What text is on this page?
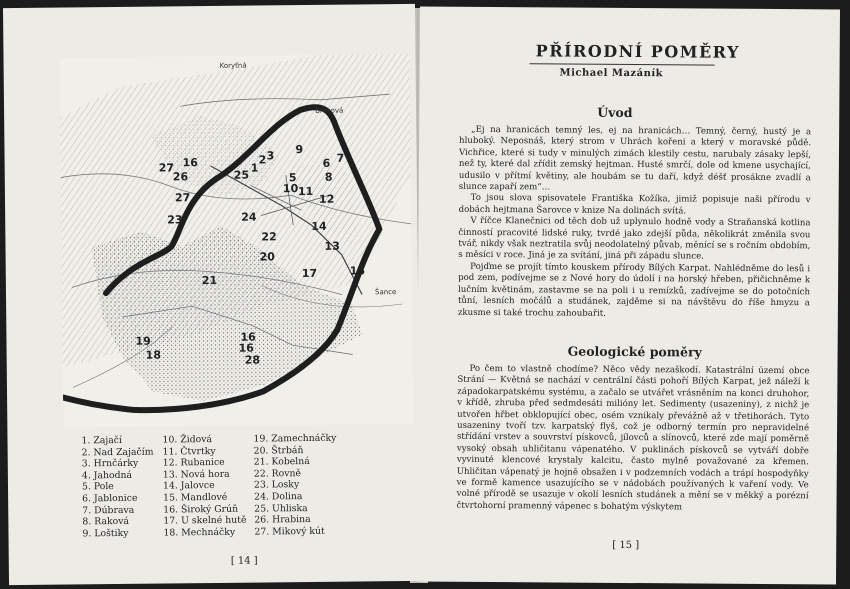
2 3
1
9
6 7
8
5
10 11
25
26
27
23	24
22
20
14
13
17	15
12
21
19
18
16
16
28
16
27
Koryťná
Březová
Šance
1. Zajačí
2. Nad Zajačím
3. Hrnčárky
4. Jahodná
5. Pole
6. Jablonice
7. Dúbrava
8. Raková
9. Loštiky
10. Židová
11. Čtvrtky
12. Rubanice
13. Nová hora
14. Jalovce
15. Mandlové
16. Široký Grúň
17. U skelné hutě
18. Mechnáčky
19. Zamechnáčky
20. Štrbáň
21. Kobelná
22. Rovně
23. Losky
24. Dolina
25. Uhliska
26. Hrabina
27. Mikový kút
[ 14 ]
PŘÍRODNÍ POMĚRY
Michael Mazáník
Úvod

„Ej na hranicách temný les, ej na hranicách… Temný, černý, hustý je a hluboký. Neposnáš, který strom v Uhrách kořeni a který v moravské půdě. Vichřice, které si tudy v minulých zimách klestily cestu, narubaly zásaky lepší, než ty, které dal zřídit zemský hejtman. Husté smrčí, dole od kmene usychající, udusilo v přítmí květiny, ale houbám se tu daří, když déšť prosákne zvadlí a slunce zapaří zem“…

To jsou slova spisovatele Františka Kožíka, jimiž popisuje naši přírodu v dobách hejtmana Šarovce v knize Na dolinách svítá.

V říčce Klanečnici od těch dob už uplynulo hodně vody a Straňanská kotlina činností pracovité lidské ruky, tvrdé jako zdejší půda, několikrát změnila svou tvář, nikdy však neztratila svůj neodolatelný půvab, měnící se s ročním obdobím, s měsíci v roce. Jiná je za svítání, jiná při západu slunce.

Pojďme se projít tímto kouskem přírody Bílých Karpat. Nahlédněme do lesů i pod zem, podívejme se z Nové hory do údolí i na horský hřeben, přičichněme k lučním květinám, zastavme se na poli i u remízků, zadívejme se do potočních tůní, lesních močálů a studánek, zajděme si na návštěvu do říše hmyzu a zkusme si také trochu zahoubařit.

Geologické poměry

Po čem to vlastně chodíme? Něco vědy nezaškodí. Katastrální území obce Strání — Květná se nachází v centrální části pohoří Bílých Karpat, jež náleží k západokarpatskému systému, a začalo se utvářet vrásněním na konci druhohor, v křídě, zhruba před sedmdesáti milióny let. Sedimenty (usazeniny), z nichž je utvořen hřbet obklopující obec, osém vznikaly převážně až v třetihorách. Tyto usazeniny tvoří tzv. karpatský flyš, což je odborný termín pro nepravidelné střídání vrstev a souvrství pískovců, jílovců a slínovců, které zde mají poměrně vysoký obsah uhličitanu vápenatého. V puklinách pískovců se vytváří dobře vyvinuté klencové krystaly kalcitu, často mylně považované za křemen. Uhličitan vápenatý je hojně obsažen i v podzemních vodách a trápí hospodyňky ve formě kamence usazujícího se v nádobách používaných k vaření vody. Ve volné přírodě se usazuje v okolí lesních studánek a mění se v měkký a porézní čtvrtohorní pramenný vápenec s bohatým výskytem

[ 15 ]
